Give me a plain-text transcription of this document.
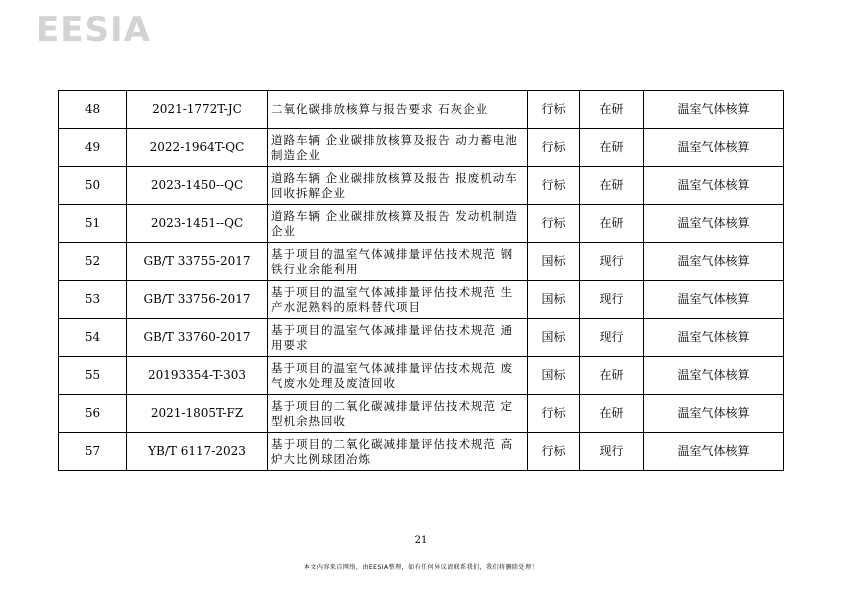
EESIA
48	2021-1772T-JC	二氧化碳排放核算与报告要求 石灰企业	行标	在研	温室气体核算
49	2022-1964T-QC	道路车辆 企业碳排放核算及报告 动力蓄电池制造企业	行标	在研	温室气体核算
50	2023-1450--QC	道路车辆 企业碳排放核算及报告 报废机动车回收拆解企业	行标	在研	温室气体核算
51	2023-1451--QC	道路车辆 企业碳排放核算及报告 发动机制造企业	行标	在研	温室气体核算
52	GB/T 33755-2017	基于项目的温室气体减排量评估技术规范 钢铁行业余能利用	国标	现行	温室气体核算
53	GB/T 33756-2017	基于项目的温室气体减排量评估技术规范 生产水泥熟料的原料替代项目	国标	现行	温室气体核算
54	GB/T 33760-2017	基于项目的温室气体减排量评估技术规范 通用要求	国标	现行	温室气体核算
55	20193354-T-303	基于项目的温室气体减排量评估技术规范 废气废水处理及废渣回收	国标	在研	温室气体核算
56	2021-1805T-FZ	基于项目的二氧化碳减排量评估技术规范 定型机余热回收	行标	在研	温室气体核算
57	YB/T 6117-2023	基于项目的二氧化碳减排量评估技术规范 高炉大比例球团冶炼	行标	现行	温室气体核算
21
本文内容来自网络，由EESIA整理，如有任何异议请联系我们，我们将删除处理！
